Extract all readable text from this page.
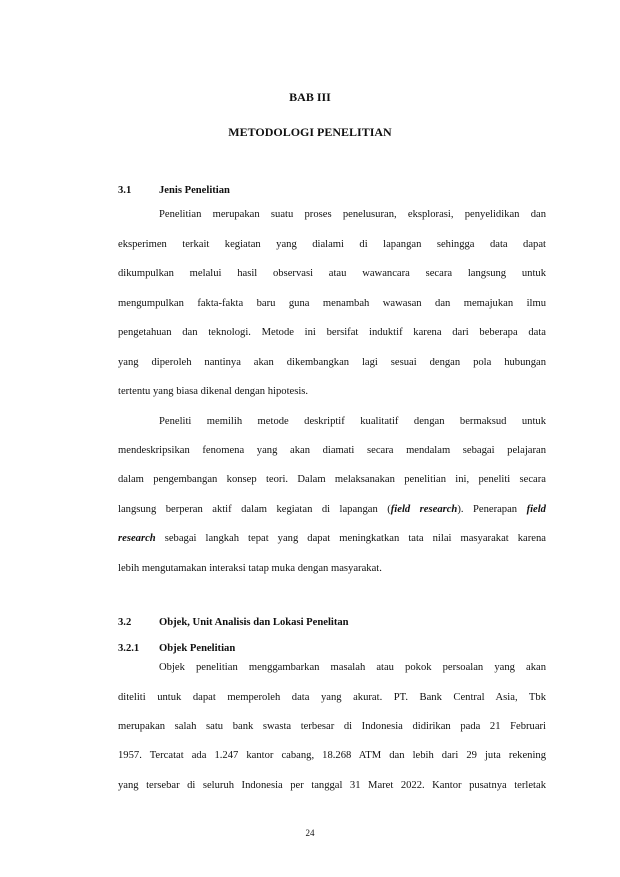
BAB III
METODOLOGI PENELITIAN
3.1	Jenis Penelitian
Penelitian merupakan suatu proses penelusuran, eksplorasi, penyelidikan dan
eksperimen terkait kegiatan yang dialami di lapangan sehingga data dapat
dikumpulkan melalui hasil observasi atau wawancara secara langsung untuk
mengumpulkan fakta-fakta baru guna menambah wawasan dan memajukan ilmu
pengetahuan dan teknologi. Metode ini bersifat induktif karena dari beberapa data
yang diperoleh nantinya akan dikembangkan lagi sesuai dengan pola hubungan
tertentu yang biasa dikenal dengan hipotesis.
Peneliti memilih metode deskriptif kualitatif dengan bermaksud untuk
mendeskripsikan fenomena yang akan diamati secara mendalam sebagai pelajaran
dalam pengembangan konsep teori. Dalam melaksanakan penelitian ini, peneliti secara
langsung berperan aktif dalam kegiatan di lapangan (field research). Penerapan field
research sebagai langkah tepat yang dapat meningkatkan tata nilai masyarakat karena
lebih mengutamakan interaksi tatap muka dengan masyarakat.
3.2	Objek, Unit Analisis dan Lokasi Penelitan
3.2.1 Objek Penelitian
Objek penelitian menggambarkan masalah atau pokok persoalan yang akan
diteliti untuk dapat memperoleh data yang akurat. PT. Bank Central Asia, Tbk
merupakan salah satu bank swasta terbesar di Indonesia didirikan pada 21 Februari
1957. Tercatat ada 1.247 kantor cabang, 18.268 ATM dan lebih dari 29 juta rekening
yang tersebar di seluruh Indonesia per tanggal 31 Maret 2022. Kantor pusatnya terletak
24
